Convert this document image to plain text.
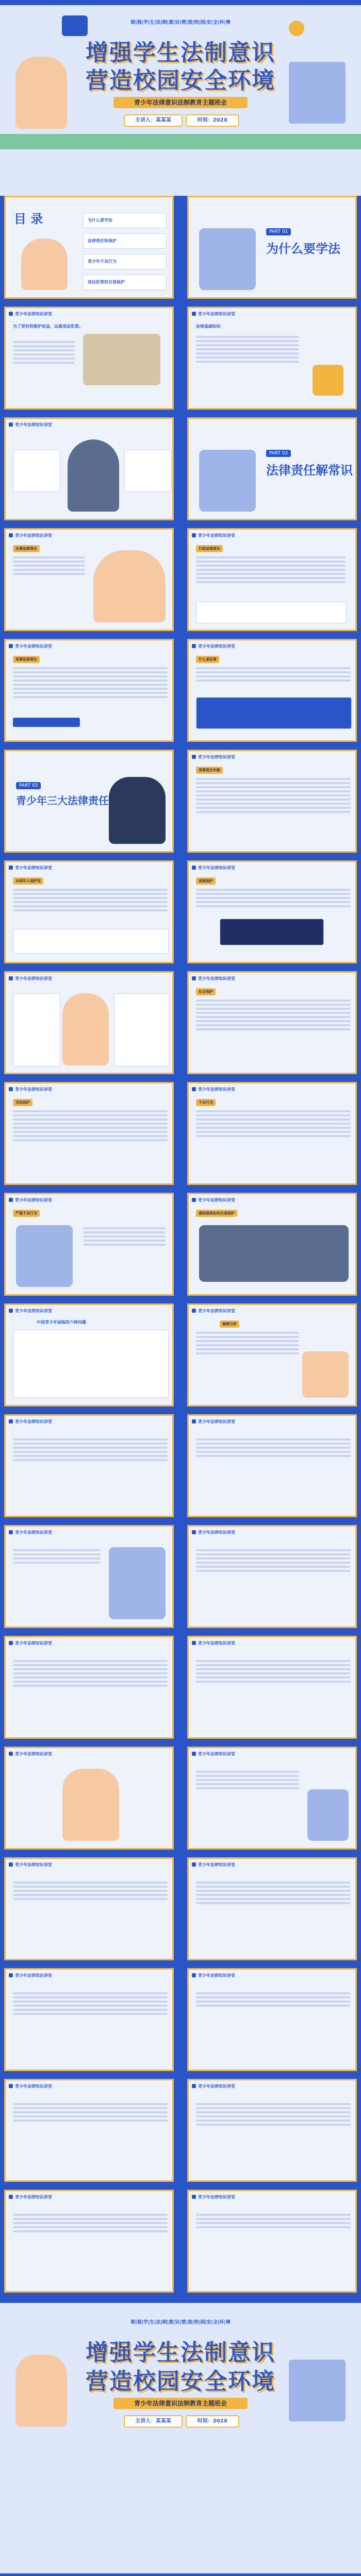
锁|强|学|生|法|制|意|识|营|造|校|园|安|全|环|境
增强学生法制意识
营造校园安全环境
青少年法律意识法制教育主题班会
主讲人：某某某	时间：202X
目 录	为什么要学法
法律责任和保护
青少年不良行为
违法犯罪的自我保护
PART 01
为什么要学法
青少年法律知识讲堂
为了更好的维护权益，远离违法犯罪。
青少年法律知识讲堂
法律基础知识
青少年法律知识讲堂
PART 02
法律责任解常识
青少年法律知识讲堂
民事法律责任
青少年法律知识讲堂
行政法律责任
青少年法律知识讲堂
刑事法律责任
青少年法律知识讲堂
什么是犯罪
PART 03
青少年三大法律责任
青少年法律知识讲堂
刑事责任年龄
青少年法律知识讲堂
未成年人保护法
青少年法律知识讲堂
家庭保护
青少年法律知识讲堂	青少年法律知识讲堂
社会保护
青少年法律知识讲堂
司法保护
青少年法律知识讲堂
不良行为
青少年法律知识讲堂
严重不良行为
青少年法律知识讲堂
遇到侵害如何自我保护
青少年法律知识讲堂
中国青少年面临的六种问题
青少年法律知识讲堂
案例分析
青少年法律知识讲堂	青少年法律知识讲堂
青少年法律知识讲堂	青少年法律知识讲堂
青少年法律知识讲堂	青少年法律知识讲堂
青少年法律知识讲堂	青少年法律知识讲堂
青少年法律知识讲堂	青少年法律知识讲堂
青少年法律知识讲堂	青少年法律知识讲堂
青少年法律知识讲堂	青少年法律知识讲堂
青少年法律知识讲堂	青少年法律知识讲堂
锁|强|学|生|法|制|意|识|营|造|校|园|安|全|环|境
增强学生法制意识
营造校园安全环境
青少年法律意识法制教育主题班会
主讲人：某某某	时间：202X
